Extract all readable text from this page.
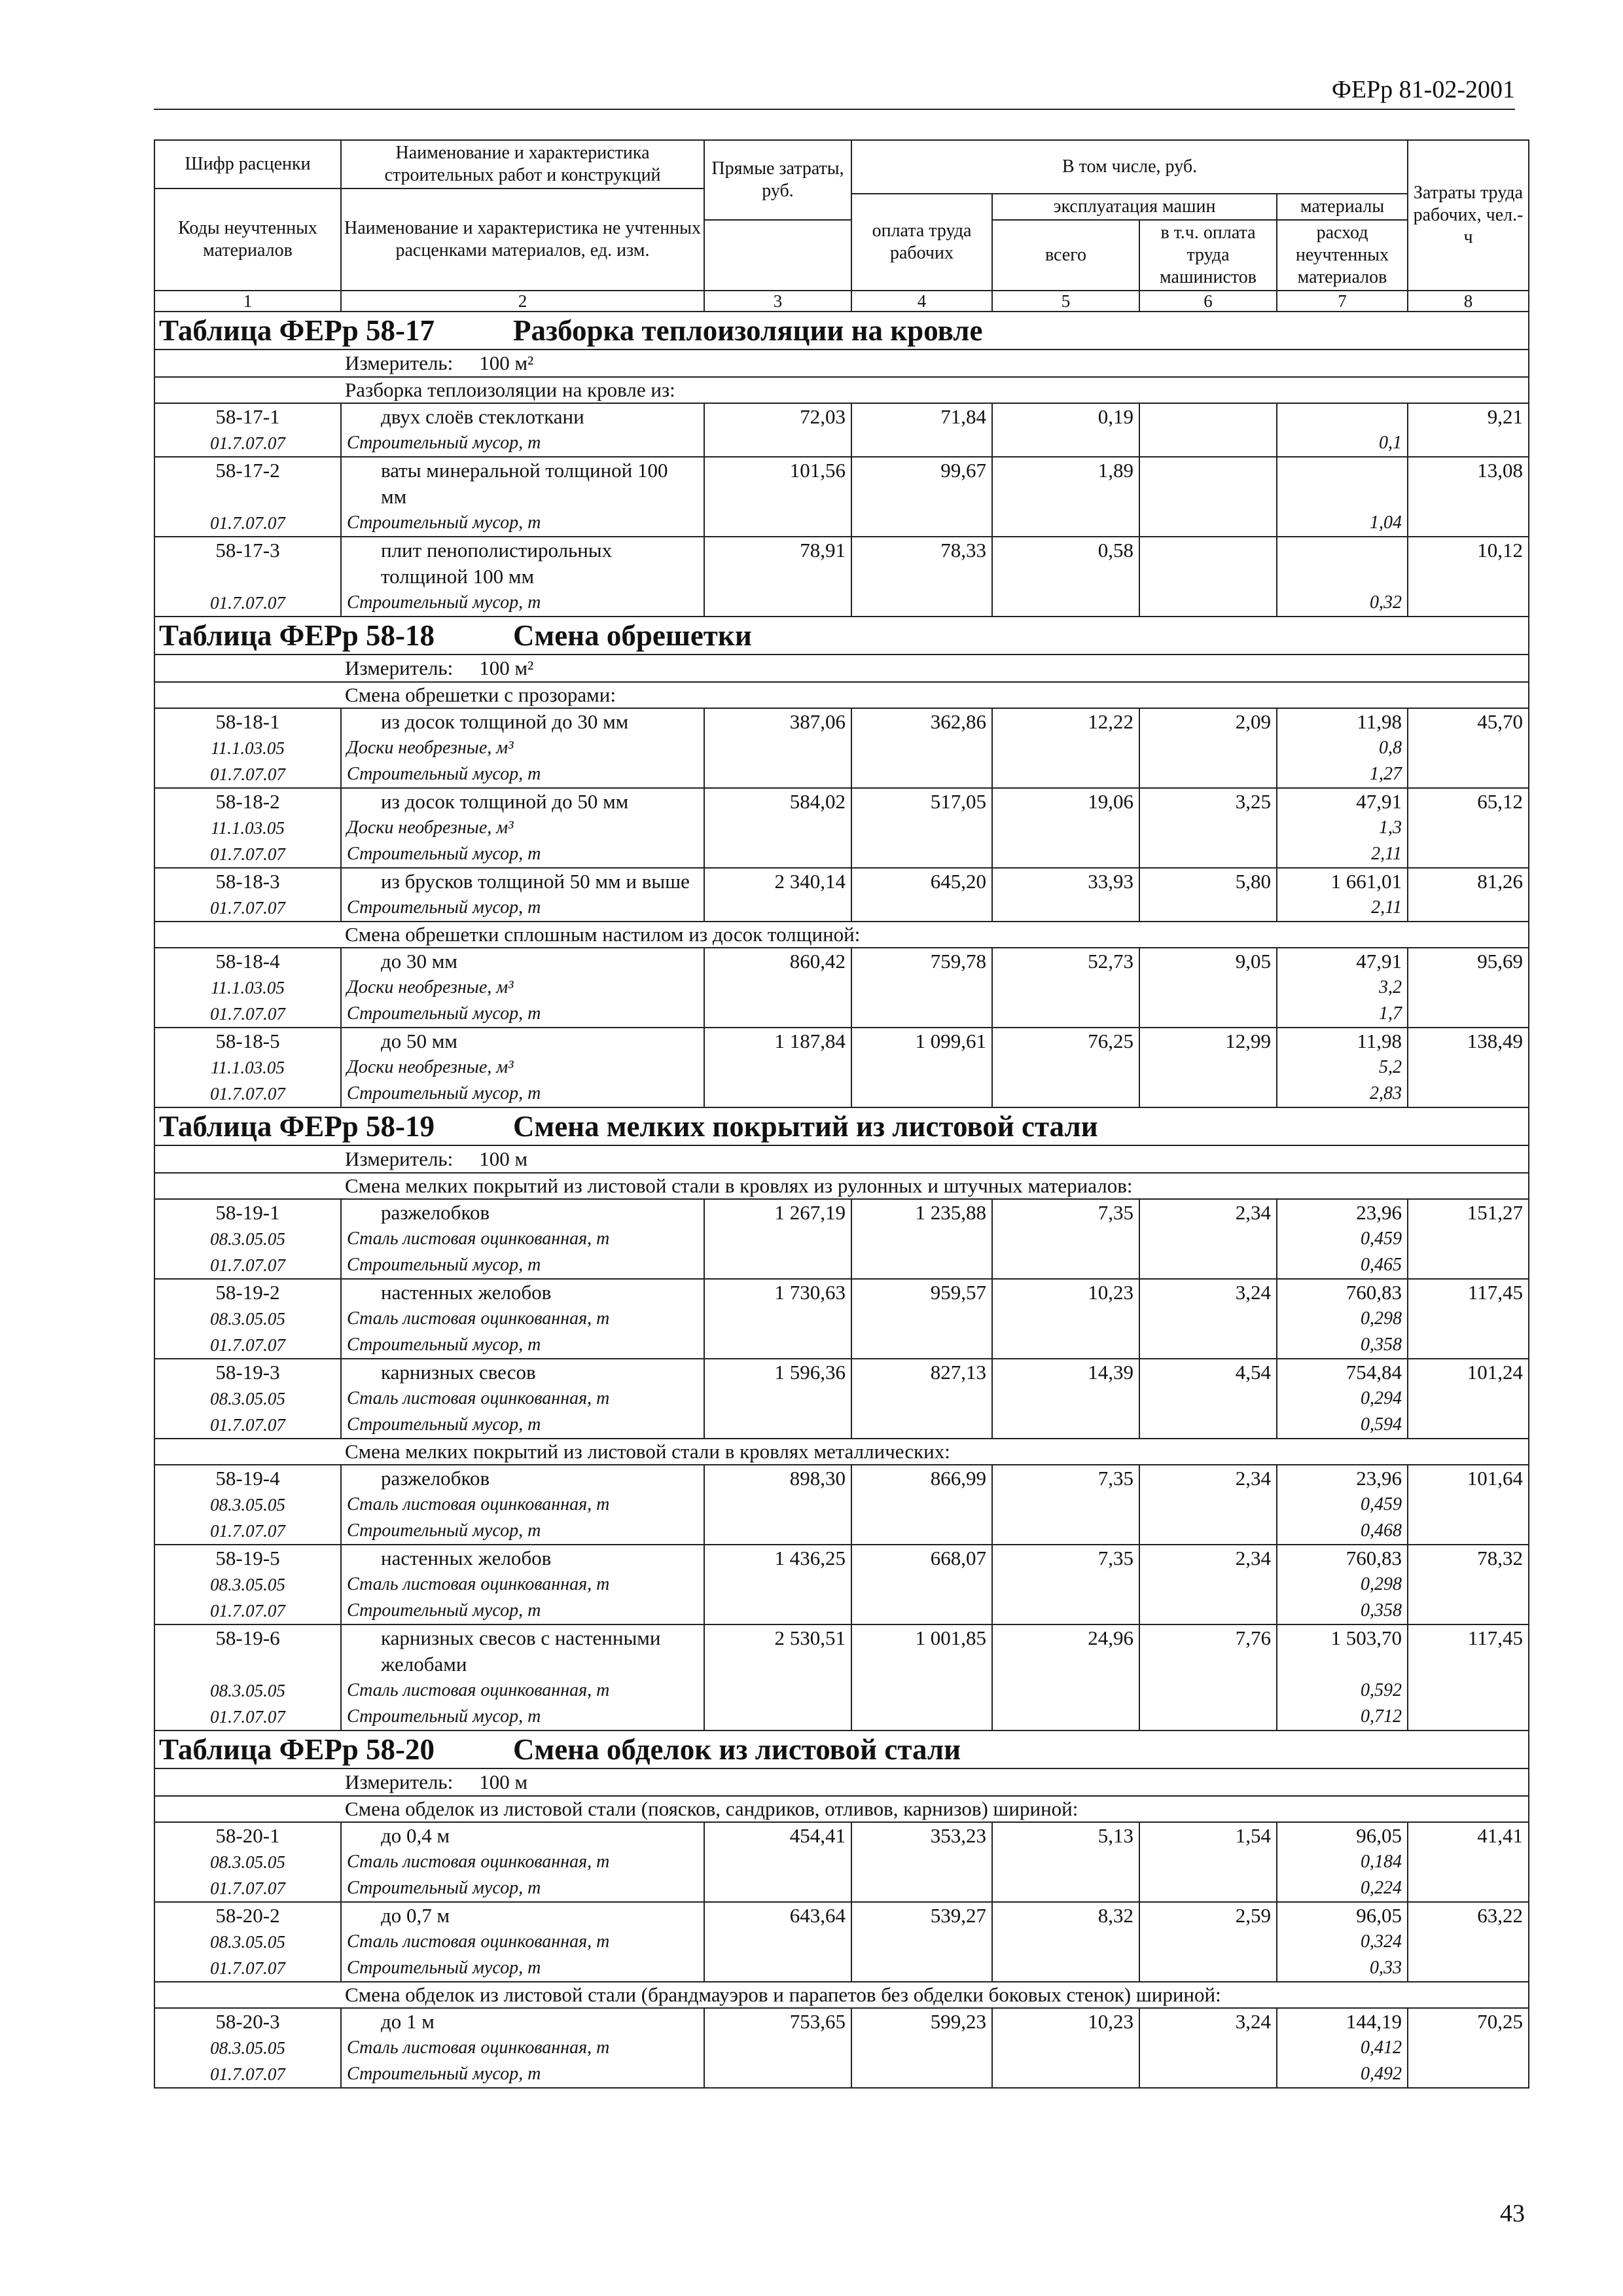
ФЕРр 81-02-2001
Шифр расценки	Наименование и характеристика строительных работ и конструкций	Прямые затраты, руб.	В том числе, руб.				Затраты труда рабочих, чел.-ч
Коды неучтенных материалов	Наименование и характеристика не учтенных расценками материалов, ед. изм.						
			оплата труда рабочих	эксплуатация машин		материалы	
				всего	в т.ч. оплата труда машинистов	расход неучтенных материалов	
1	2	3	4	5	6	7	8
Таблица ФЕРр 58-17 Разборка теплоизоляции на кровле							
Измеритель: 100 м²							
Разборка теплоизоляции на кровле из:							
58-17-1	двух слоёв стеклоткани	72,03	71,84	0,19			9,21
01.7.07.07	Строительный мусор, т					0,1	
58-17-2	ваты минеральной толщиной 100 мм	101,56	99,67	1,89			13,08
01.7.07.07	Строительный мусор, т					1,04	
58-17-3	плит пенополистирольных толщиной 100 мм	78,91	78,33	0,58			10,12
01.7.07.07	Строительный мусор, т					0,32	
Таблица ФЕРр 58-18 Смена обрешетки							
Измеритель: 100 м²							
Смена обрешетки с прозорами:							
58-18-1	из досок толщиной до 30 мм	387,06	362,86	12,22	2,09	11,98	45,70
11.1.03.05	Доски необрезные, м³					0,8	
01.7.07.07	Строительный мусор, т					1,27	
58-18-2	из досок толщиной до 50 мм	584,02	517,05	19,06	3,25	47,91	65,12
11.1.03.05	Доски необрезные, м³					1,3	
01.7.07.07	Строительный мусор, т					2,11	
58-18-3	из брусков толщиной 50 мм и выше	2 340,14	645,20	33,93	5,80	1 661,01	81,26
01.7.07.07	Строительный мусор, т					2,11	
Смена обрешетки сплошным настилом из досок толщиной:							
58-18-4	до 30 мм	860,42	759,78	52,73	9,05	47,91	95,69
11.1.03.05	Доски необрезные, м³					3,2	
01.7.07.07	Строительный мусор, т					1,7	
58-18-5	до 50 мм	1 187,84	1 099,61	76,25	12,99	11,98	138,49
11.1.03.05	Доски необрезные, м³					5,2	
01.7.07.07	Строительный мусор, т					2,83	
Таблица ФЕРр 58-19 Смена мелких покрытий из листовой стали							
Измеритель: 100 м							
Смена мелких покрытий из листовой стали в кровлях из рулонных и штучных материалов:							
58-19-1	разжелобков	1 267,19	1 235,88	7,35	2,34	23,96	151,27
08.3.05.05	Сталь листовая оцинкованная, т					0,459	
01.7.07.07	Строительный мусор, т					0,465	
58-19-2	настенных желобов	1 730,63	959,57	10,23	3,24	760,83	117,45
08.3.05.05	Сталь листовая оцинкованная, т					0,298	
01.7.07.07	Строительный мусор, т					0,358	
58-19-3	карнизных свесов	1 596,36	827,13	14,39	4,54	754,84	101,24
08.3.05.05	Сталь листовая оцинкованная, т					0,294	
01.7.07.07	Строительный мусор, т					0,594	
Смена мелких покрытий из листовой стали в кровлях металлических:							
58-19-4	разжелобков	898,30	866,99	7,35	2,34	23,96	101,64
08.3.05.05	Сталь листовая оцинкованная, т					0,459	
01.7.07.07	Строительный мусор, т					0,468	
58-19-5	настенных желобов	1 436,25	668,07	7,35	2,34	760,83	78,32
08.3.05.05	Сталь листовая оцинкованная, т					0,298	
01.7.07.07	Строительный мусор, т					0,358	
58-19-6	карнизных свесов с настенными желобами	2 530,51	1 001,85	24,96	7,76	1 503,70	117,45
08.3.05.05	Сталь листовая оцинкованная, т					0,592	
01.7.07.07	Строительный мусор, т					0,712	
Таблица ФЕРр 58-20 Смена обделок из листовой стали							
Измеритель: 100 м							
Смена обделок из листовой стали (поясков, сандриков, отливов, карнизов) шириной:							
58-20-1	до 0,4 м	454,41	353,23	5,13	1,54	96,05	41,41
08.3.05.05	Сталь листовая оцинкованная, т					0,184	
01.7.07.07	Строительный мусор, т					0,224	
58-20-2	до 0,7 м	643,64	539,27	8,32	2,59	96,05	63,22
08.3.05.05	Сталь листовая оцинкованная, т					0,324	
01.7.07.07	Строительный мусор, т					0,33	
Смена обделок из листовой стали (брандмауэров и парапетов без обделки боковых стенок) шириной:							
58-20-3	до 1 м	753,65	599,23	10,23	3,24	144,19	70,25
08.3.05.05	Сталь листовая оцинкованная, т					0,412	
01.7.07.07	Строительный мусор, т					0,492	
43
